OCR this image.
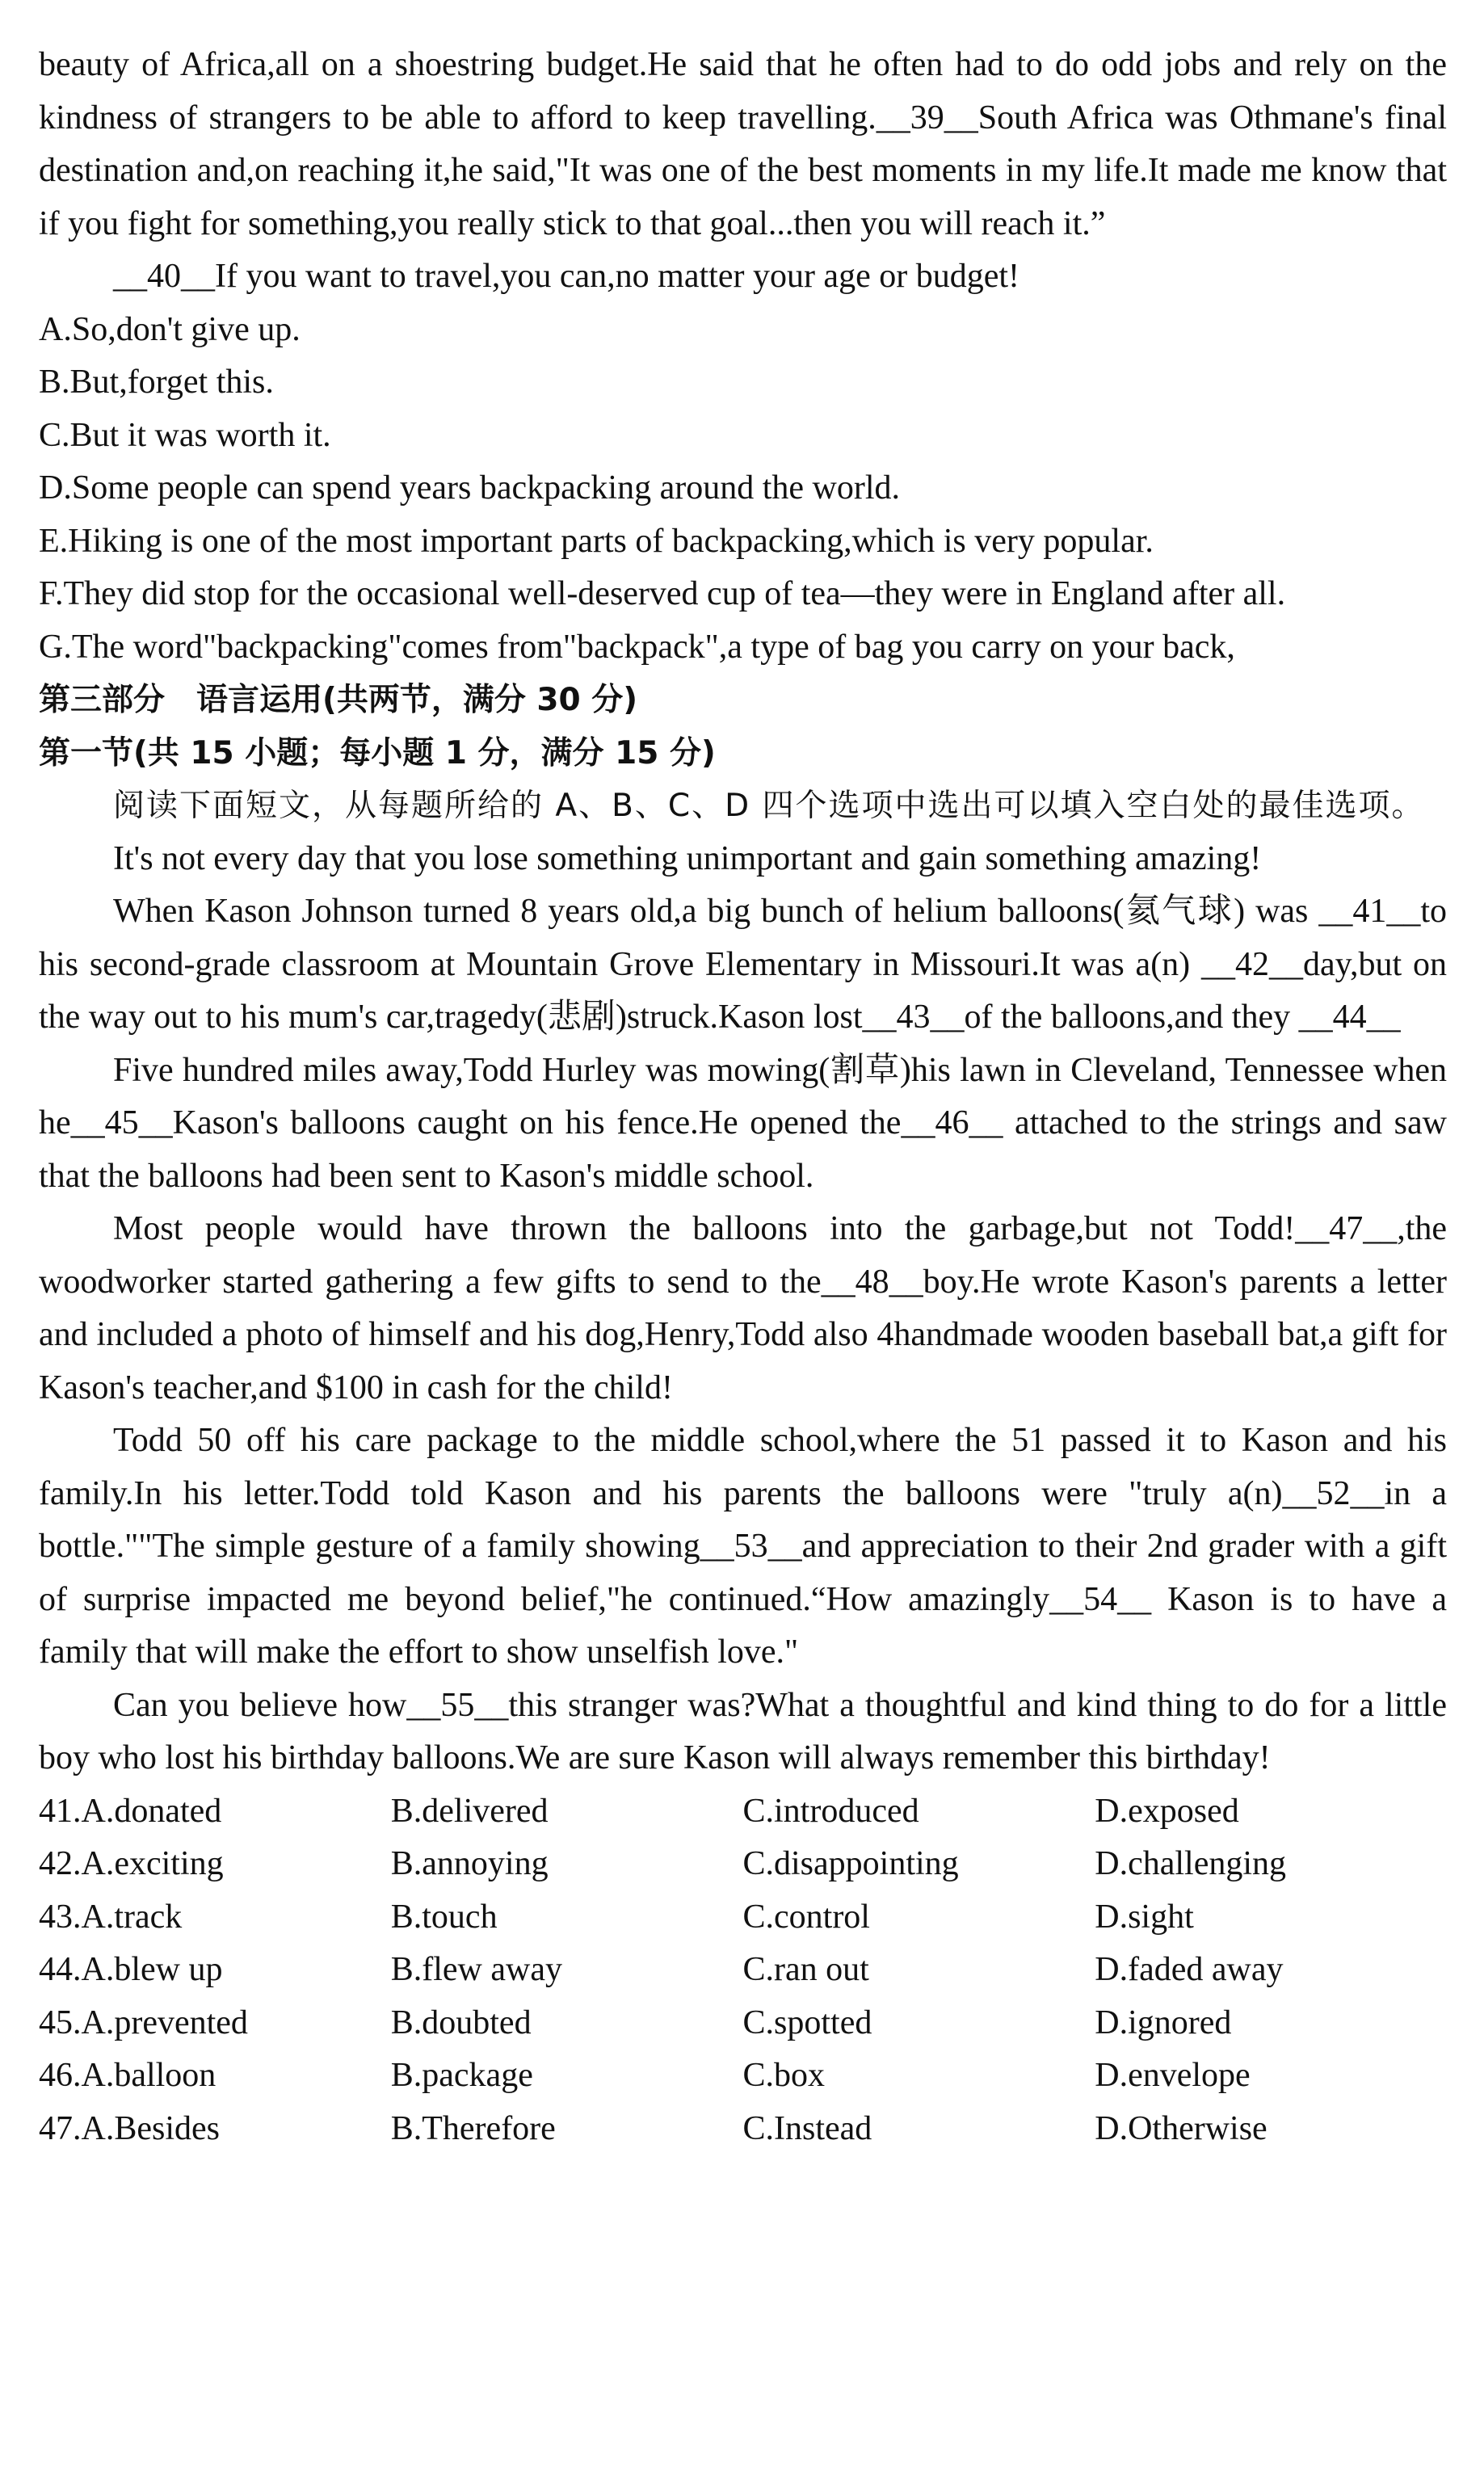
beauty of Africa,all on a shoestring budget.He said that he often had to do odd jobs and rely on the kindness of strangers to be able to afford to keep travelling.__39__South Africa was Othmane's final destination and,on reaching it,he said,"It was one of the best moments in my life.It made me know that if you fight for something,you really stick to that goal...then you will reach it.”

__40__If you want to travel,you can,no matter your age or budget!

A.So,don't give up.

B.But,forget this.

C.But it was worth it.

D.Some people can spend years backpacking around the world.

E.Hiking is one of the most important parts of backpacking,which is very popular.

F.They did stop for the occasional well-deserved cup of tea—they were in England after all.

G.The word"backpacking"comes from"backpack",a type of bag you carry on your back,

第三部分　语言运用(共两节，满分 30 分)

第一节(共 15 小题；每小题 1 分，满分 15 分)

阅读下面短文，从每题所给的 A、B、C、D 四个选项中选出可以填入空白处的最佳选项。

It's not every day that you lose something unimportant and gain something amazing!

When Kason Johnson turned 8 years old,a big bunch of helium balloons(氦气球) was __41__to his second-grade classroom at Mountain Grove Elementary in Missouri.It was a(n) __42__day,but on the way out to his mum's car,tragedy(悲剧)struck.Kason lost__43__of the balloons,and they __44__

Five hundred miles away,Todd Hurley was mowing(割草)his lawn in Cleveland, Tennessee when he__45__Kason's balloons caught on his fence.He opened the__46__ attached to the strings and saw that the balloons had been sent to Kason's middle school.

Most people would have thrown the balloons into the garbage,but not Todd!__47__,the woodworker started gathering a few gifts to send to the__48__boy.He wrote Kason's parents a letter and included a photo of himself and his dog,Henry,Todd also 4handmade wooden baseball bat,a gift for Kason's teacher,and $100 in cash for the child!

Todd 50 off his care package to the middle school,where the 51 passed it to Kason and his family.In his letter.Todd told Kason and his parents the balloons were "truly a(n)__52__in a bottle.""The simple gesture of a family showing__53__and appreciation to their 2nd grader with a gift of surprise impacted me beyond belief,"he continued.“How amazingly__54__ Kason is to have a family that will make the effort to show unselfish love."

Can you believe how__55__this stranger was?What a thoughtful and kind thing to do for a little boy who lost his birthday balloons.We are sure Kason will always remember this birthday!

41.A.donated	B.delivered	C.introduced	D.exposed
42.A.exciting	B.annoying	C.disappointing	D.challenging
43.A.track	B.touch	C.control	D.sight
44.A.blew up	B.flew away	C.ran out	D.faded away
45.A.prevented	B.doubted	C.spotted	D.ignored
46.A.balloon	B.package	C.box	D.envelope
47.A.Besides	B.Therefore	C.Instead	D.Otherwise
